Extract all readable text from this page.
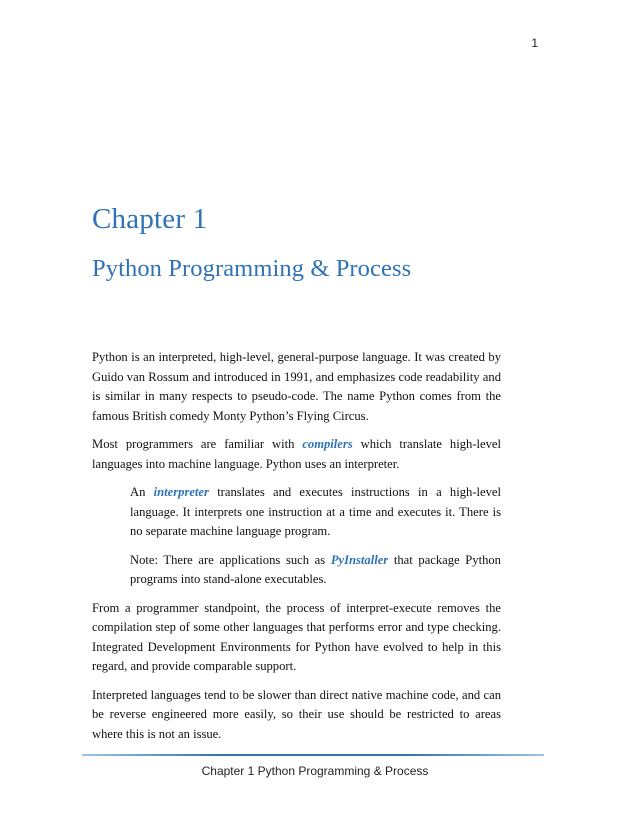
1
Chapter 1
Python Programming & Process

Python is an interpreted, high-level, general-purpose language. It was created by Guido van Rossum and introduced in 1991, and emphasizes code readability and is similar in many respects to pseudo-code. The name Python comes from the famous British comedy Monty Python’s Flying Circus.

Most programmers are familiar with compilers which translate high-level languages into machine language. Python uses an interpreter.

An interpreter translates and executes instructions in a high-level language. It interprets one instruction at a time and executes it. There is no separate machine language program.

Note: There are applications such as PyInstaller that package Python programs into stand-alone executables.

From a programmer standpoint, the process of interpret-execute removes the compilation step of some other languages that performs error and type checking. Integrated Development Environments for Python have evolved to help in this regard, and provide comparable support.

Interpreted languages tend to be slower than direct native machine code, and can be reverse engineered more easily, so their use should be restricted to areas where this is not an issue.

Chapter 1 Python Programming & Process
